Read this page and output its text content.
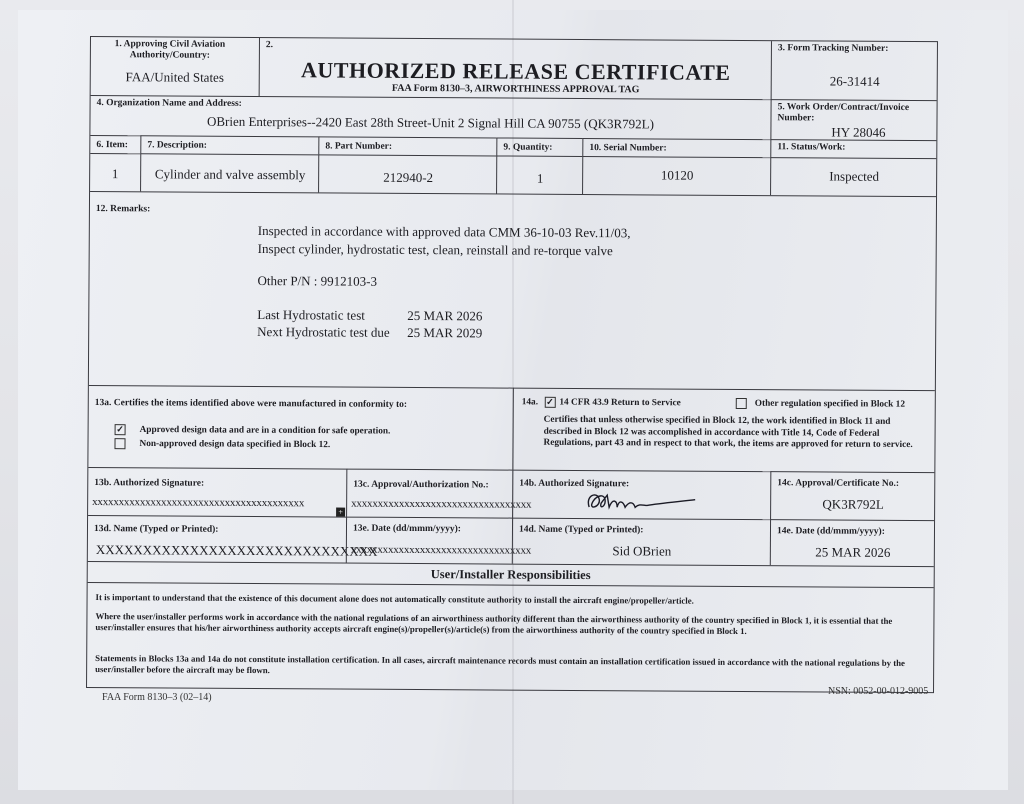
1. Approving Civil Aviation Authority/Country:
FAA/United States
2.
AUTHORIZED RELEASE CERTIFICATE
FAA Form 8130–3, AIRWORTHINESS APPROVAL TAG
3. Form Tracking Number:
26-31414
4. Organization Name and Address:
OBrien Enterprises--2420 East 28th Street-Unit 2 Signal Hill CA 90755 (QK3R792L)
5. Work Order/Contract/Invoice Number:
HY 28046
6. Item: 7. Description:	8. Part Number:	9. Quantity:	10. Serial Number:	11. Status/Work:
1	Cylinder and valve assembly	212940-2	1	10120	Inspected
12. Remarks:
Inspected in accordance with approved data CMM 36-10-03 Rev.11/03,
Inspect cylinder, hydrostatic test, clean, reinstall and re-torque valve
Other P/N : 9912103-3
Last Hydrostatic test	25 MAR 2026
Next Hydrostatic test due 25 MAR 2029
13a. Certifies the items identified above were manufactured in conformity to:
✓ Approved design data and are in a condition for safe operation.
Non-approved design data specified in Block 12.
14a. ✓ 14 CFR 43.9 Return to Service	Other regulation specified in Block 12
Certifies that unless otherwise specified in Block 12, the work identified in Block 11 and described in Block 12 was accomplished in accordance with Title 14, Code of Federal Regulations, part 43 and in respect to that work, the items are approved for return to service.
13b. Authorized Signature:
xxxxxxxxxxxxxxxxxxxxxxxxxxxxxxxxxxxxxxxx
+
13c. Approval/Authorization No.:
xxxxxxxxxxxxxxxxxxxxxxxxxxxxxxxxxx
14b. Authorized Signature:	14c. Approval/Certificate No.:
QK3R792L
13d. Name (Typed or Printed):
XXXXXXXXXXXXXXXXXXXXXXXXXXXXXX
13e. Date (dd/mmm/yyyy):
xxxxxxxxxxxxxxxxxxxxxxxxxxxxxxxxxx
14d. Name (Typed or Printed):
Sid OBrien
14e. Date (dd/mmm/yyyy):
25 MAR 2026
User/Installer Responsibilities
It is important to understand that the existence of this document alone does not automatically constitute authority to install the aircraft engine/propeller/article.
Where the user/installer performs work in accordance with the national regulations of an airworthiness authority different than the airworthiness authority of the country specified in Block 1, it is essential that the user/installer ensures that his/her airworthiness authority accepts aircraft engine(s)/propeller(s)/article(s) from the airworthiness authority of the country specified in Block 1.
Statements in Blocks 13a and 14a do not constitute installation certification. In all cases, aircraft maintenance records must contain an installation certification issued in accordance with the national regulations by the user/installer before the aircraft may be flown.
FAA Form 8130–3 (02–14)
NSN: 0052-00-012-9005
